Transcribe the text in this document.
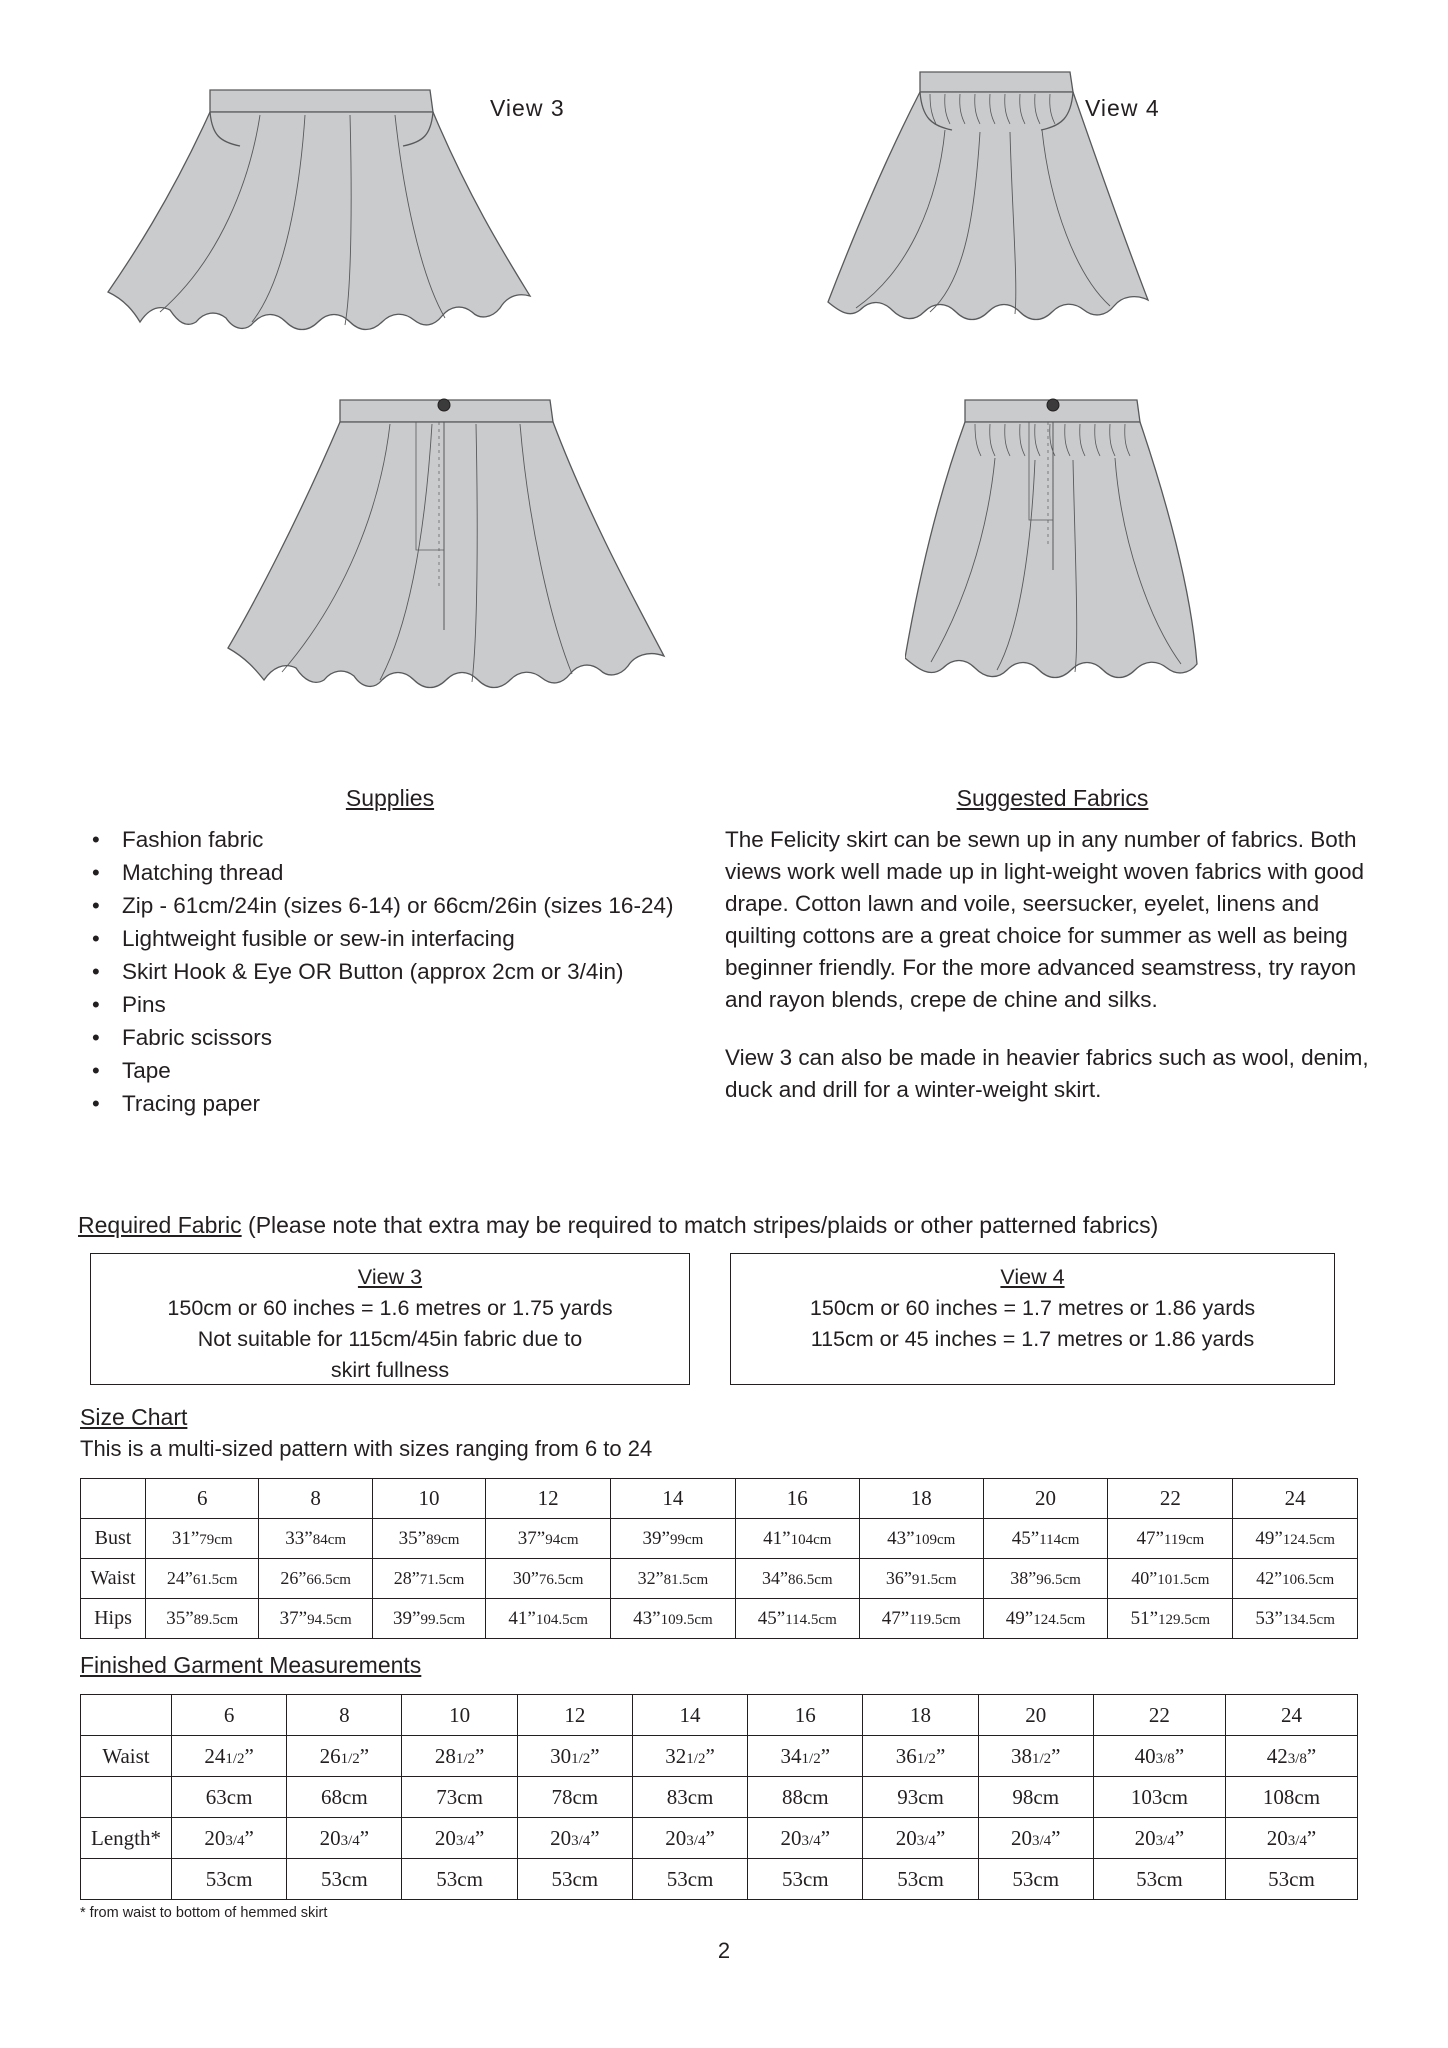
View 3	View 4
Supplies
• Fashion fabric
• Matching thread
• Zip - 61cm/24in (sizes 6-14) or 66cm/26in (sizes 16-24)
• Lightweight fusible or sew-in interfacing
• Skirt Hook & Eye OR Button (approx 2cm or 3/4in)
• Pins
• Fabric scissors
• Tape
• Tracing paper
Suggested Fabrics

The Felicity skirt can be sewn up in any number of fabrics. Both views work well made up in light-weight woven fabrics with good drape. Cotton lawn and voile, seersucker, eyelet, linens and quilting cottons are a great choice for summer as well as being beginner friendly. For the more advanced seamstress, try rayon and rayon blends, crepe de chine and silks.

View 3 can also be made in heavier fabrics such as wool, denim, duck and drill for a winter-weight skirt.

Required Fabric (Please note that extra may be required to match stripes/plaids or other patterned fabrics)
View 3
150cm or 60 inches = 1.6 metres or 1.75 yards
Not suitable for 115cm/45in fabric due to
skirt fullness
View 4
150cm or 60 inches = 1.7 metres or 1.86 yards
115cm or 45 inches = 1.7 metres or 1.86 yards
Size Chart
This is a multi-sized pattern with sizes ranging from 6 to 24
	6	8	10	12	14	16	18	20	22	24
Bust	31”79cm	33”84cm	35”89cm	37”94cm	39”99cm	41”104cm	43”109cm	45”114cm	47”119cm	49”124.5cm
Waist	24”61.5cm	26”66.5cm	28”71.5cm	30”76.5cm	32”81.5cm	34”86.5cm	36”91.5cm	38”96.5cm	40”101.5cm	42”106.5cm
Hips	35”89.5cm	37”94.5cm	39”99.5cm	41”104.5cm	43”109.5cm	45”114.5cm	47”119.5cm	49”124.5cm	51”129.5cm	53”134.5cm
Finished Garment Measurements
	6	8	10	12	14	16	18	20	22	24
Waist	241/2”	261/2”	281/2”	301/2”	321/2”	341/2”	361/2”	381/2”	403/8”	423/8”
	63cm	68cm	73cm	78cm	83cm	88cm	93cm	98cm	103cm	108cm
Length*	203/4”	203/4”	203/4”	203/4”	203/4”	203/4”	203/4”	203/4”	203/4”	203/4”
	53cm	53cm	53cm	53cm	53cm	53cm	53cm	53cm	53cm	53cm
* from waist to bottom of hemmed skirt
2
